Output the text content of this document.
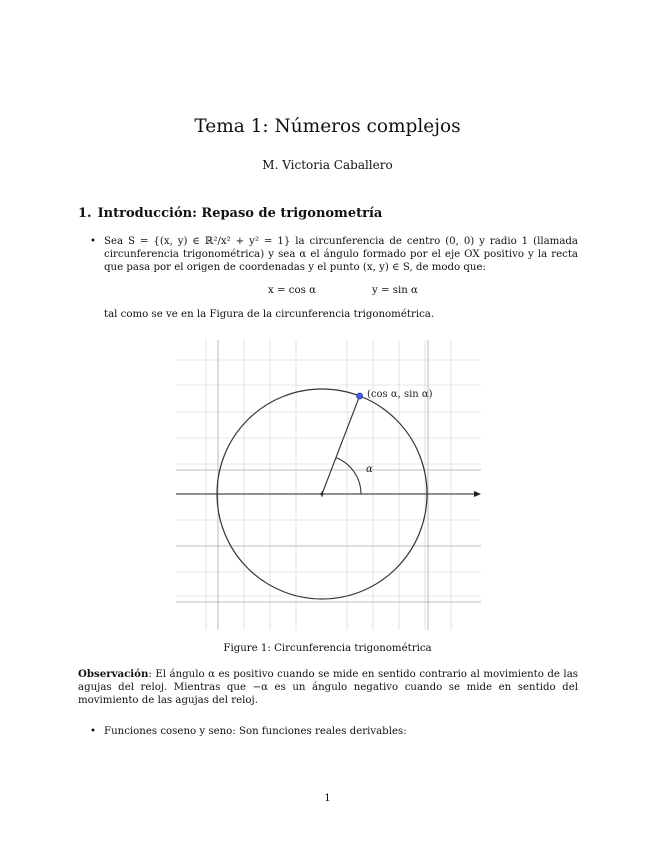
Tema 1: Números complejos
M. Victoria Caballero
1. Introducción: Repaso de trigonometría
• Sea S = {(x, y) ∈ ℝ²/x² + y² = 1} la circunferencia de centro (0, 0) y radio 1 (llamada circunferencia trigonométrica) y sea α el ángulo formado por el eje OX positivo y la recta que pasa por el origen de coordenadas y el punto (x, y) ∈ S, de modo que:
x = cos α	y = sin α
tal como se ve en la Figura de la circunferencia trigonométrica.
α
(cos α, sin α)
Figure 1: Circunferencia trigonométrica
Observación: El ángulo α es positivo cuando se mide en sentido contrario al movimiento de las agujas del reloj. Mientras que −α es un ángulo negativo cuando se mide en sentido del movimiento de las agujas del reloj.
• Funciones coseno y seno: Son funciones reales derivables:
1
